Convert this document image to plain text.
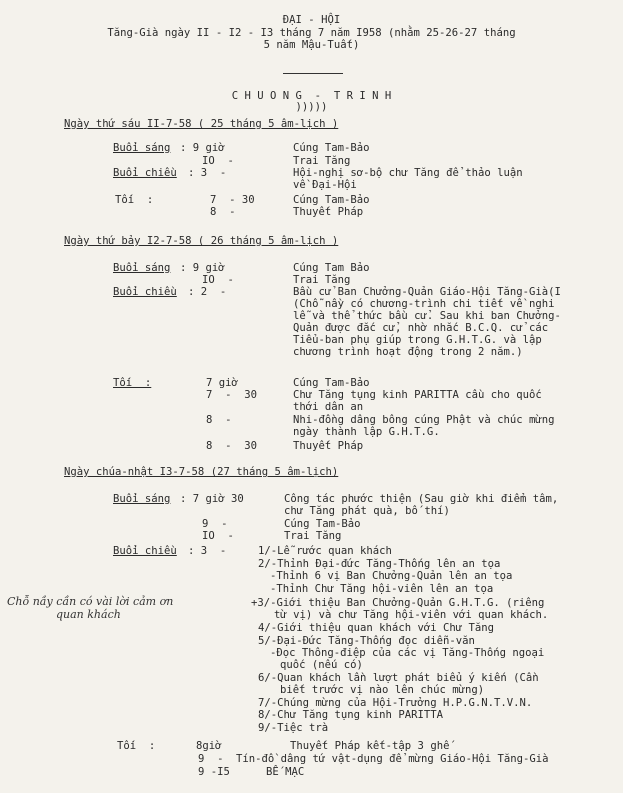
ĐẠI - HỘI
Tăng-Già ngày II - I2 - I3 tháng 7 năm I958 (nhằm 25-26-27 tháng
5 năm Mậu-Tuất)
C H U O N G  -  T R I N H
)))))
Ngày thứ sáu II-7-58 ( 25 tháng 5 âm-lịch )
Buổi sáng : 9 giờ	Cúng Tam-Bảo
IO  -	Trai Tăng
Buổi chiều : 3  -	Hội-nghị sơ-bộ chư Tăng để thảo luận
về Đại-Hội
Tối  :	7  - 30	Cúng Tam-Bảo
8  -	Thuyết Pháp
Ngày thứ bảy I2-7-58 ( 26 tháng 5 âm-lịch )
Buổi sáng : 9 giờ	Cúng Tam Bảo
IO  -	Trai Tăng
Buổi chiều : 2  -	Bầu cử Ban Chưởng-Quản Giáo-Hội Tăng-Già(I
(Chỗ nầy có chương-trình chi tiết về nghi
lễ và thể thức bầu cử. Sau khi ban Chưởng-
Quản được đắc cử, nhờ nhắc B.C.Q. cử các
Tiểu-ban phụ giúp trong G.H.T.G. và lập
chương trình hoạt động trong 2 năm.)
Tối  :	7 giờ	Cúng Tam-Bảo
7  -  30	Chư Tăng tụng kinh PARITTA cầu cho quốc
thới dân an
8  -	Nhi-đồng dâng bông cúng Phật và chúc mừng
ngày thành lập G.H.T.G.
8  -  30	Thuyết Pháp
Ngày chúa-nhật I3-7-58 (27 tháng 5 âm-lịch)
Buổi sáng : 7 giờ 30	Công tác phước thiện (Sau giờ khi điểm tâm,
chư Tăng phát quà, bố thí)
9  -	Cúng Tam-Bảo
IO  -	Trai Tăng
Buổi chiều : 3  -	1/-Lễ rước quan khách
2/-Thỉnh Đại-đức Tăng-Thống lên an tọa
-Thỉnh 6 vị Ban Chưởng-Quản lên an tọa
-Thỉnh Chư Tăng hội-viên lên an tọa
Chỗ nầy cần có vài lời cảm ơn
quan khách
+3/-Giới thiệu Ban Chưởng-Quản G.H.T.G. (riêng
từ vị) và chư Tăng hội-viên với quan khách.
4/-Giới thiệu quan khách với Chư Tăng
5/-Đại-Đức Tăng-Thống đọc diễn-văn
-Đọc Thông-điệp của các vị Tăng-Thống ngoại
quốc (nếu có)
6/-Quan khách lần lượt phát biểu ý kiến (Cần
biết trước vị nào lên chúc mừng)
7/-Chúng mừng của Hội-Trưởng H.P.G.N.T.V.N.
8/-Chư Tăng tụng kinh PARITTA
9/-Tiệc trà
Tối  :	8giờ	Thuyết Pháp kết-tập 3 ghế
9  - Tín-đồ dâng tứ vật-dụng để mừng Giáo-Hội Tăng-Già
9 -I5	BẾ MẠC
